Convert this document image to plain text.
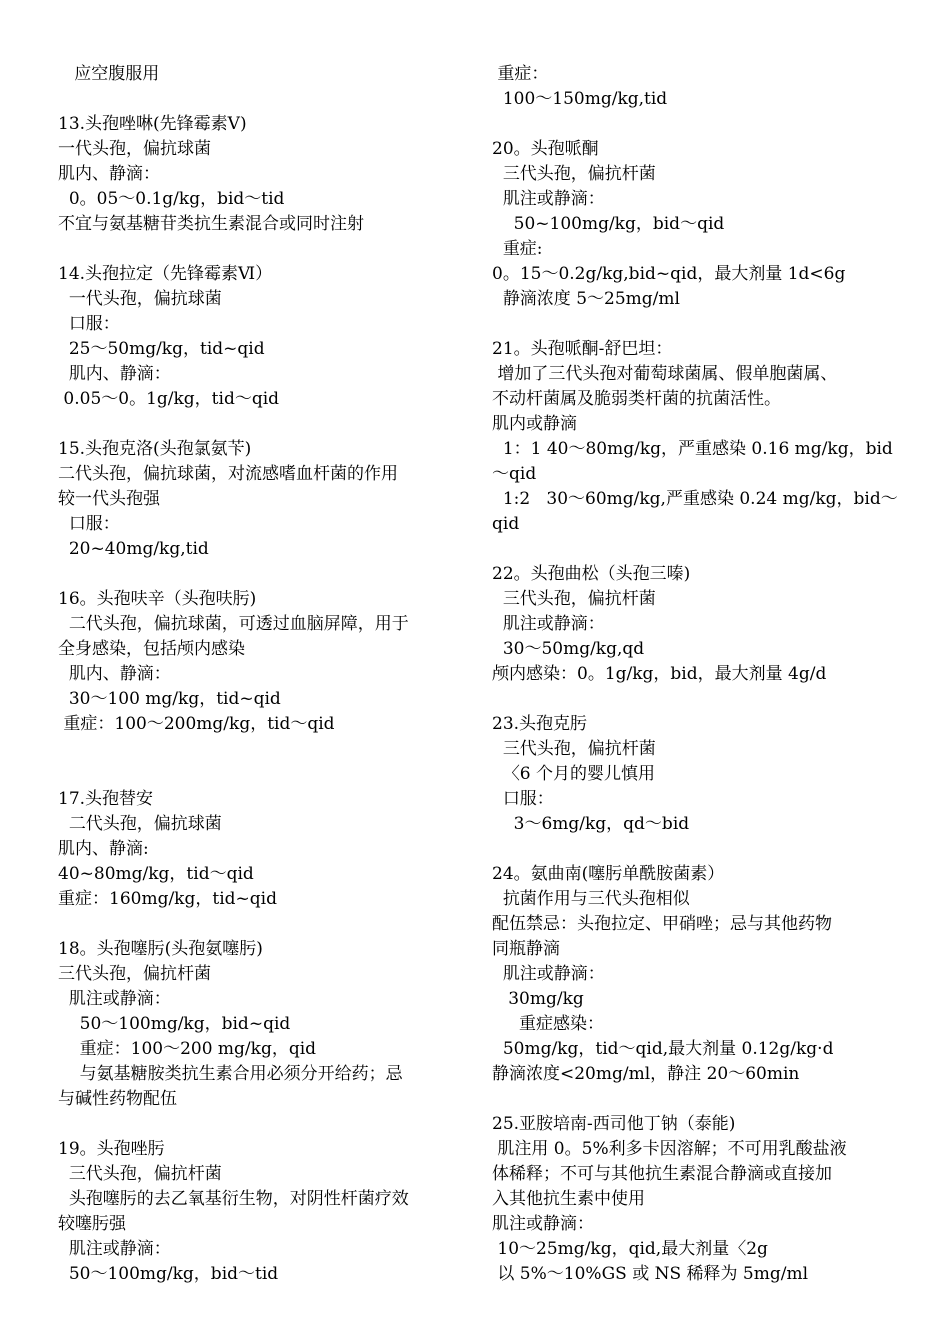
应空腹服用
13.头孢唑啉(先锋霉素Ⅴ)
一代头孢，偏抗球菌
肌内、静滴：
0。05～0.1g/kg，bid～tid
不宜与氨基糖苷类抗生素混合或同时注射
14.头孢拉定（先锋霉素Ⅵ）
一代头孢，偏抗球菌
口服：
25～50mg/kg，tid~qid
肌内、静滴：
0.05～0。1g/kg，tid～qid
15.头孢克洛(头孢氯氨苄)
二代头孢，偏抗球菌，对流感嗜血杆菌的作用
较一代头孢强
口服：
20~40mg/kg,tid
16。头孢呋辛（头孢呋肟)
二代头孢，偏抗球菌，可透过血脑屏障，用于
全身感染，包括颅内感染
肌内、静滴：
30～100 mg/kg，tid~qid
重症：100～200mg/kg，tid～qid
17.头孢替安
二代头孢，偏抗球菌
肌内、静滴:
40~80mg/kg，tid～qid
重症：160mg/kg，tid~qid
18。头孢噻肟(头孢氨噻肟)
三代头孢，偏抗杆菌
肌注或静滴：
50～100mg/kg，bid~qid
重症：100～200 mg/kg，qid
与氨基糖胺类抗生素合用必须分开给药；忌
与碱性药物配伍
19。头孢唑肟
三代头孢，偏抗杆菌
头孢噻肟的去乙氧基衍生物，对阴性杆菌疗效
较噻肟强
肌注或静滴：
50～100mg/kg，bid～tid
重症：
100～150mg/kg,tid
20。头孢哌酮
三代头孢，偏抗杆菌
肌注或静滴：
50~100mg/kg，bid～qid
重症:
0。15～0.2g/kg,bid~qid，最大剂量 1d<6g
静滴浓度 5～25mg/ml
21。头孢哌酮-舒巴坦：
增加了三代头孢对葡萄球菌属、假单胞菌属、
不动杆菌属及脆弱类杆菌的抗菌活性。
肌内或静滴
1：1 40～80mg/kg，严重感染 0.16 mg/kg，bid
～qid
1:2   30～60mg/kg,严重感染 0.24 mg/kg，bid～
qid
22。头孢曲松（头孢三嗪)
三代头孢，偏抗杆菌
肌注或静滴：
30～50mg/kg,qd
颅内感染：0。1g/kg，bid，最大剂量 4g/d
23.头孢克肟
三代头孢，偏抗杆菌
〈6 个月的婴儿慎用
口服：
3～6mg/kg，qd～bid
24。氨曲南(噻肟单酰胺菌素）
抗菌作用与三代头孢相似
配伍禁忌：头孢拉定、甲硝唑；忌与其他药物
同瓶静滴
肌注或静滴：
30mg/kg
重症感染：
50mg/kg，tid～qid,最大剂量 0.12g/kg·d
静滴浓度<20mg/ml，静注 20～60min
25.亚胺培南-西司他丁钠（泰能)
肌注用 0。5%利多卡因溶解；不可用乳酸盐液
体稀释；不可与其他抗生素混合静滴或直接加
入其他抗生素中使用
肌注或静滴：
10～25mg/kg，qid,最大剂量〈2g
以 5%～10%GS 或 NS 稀释为 5mg/ml
